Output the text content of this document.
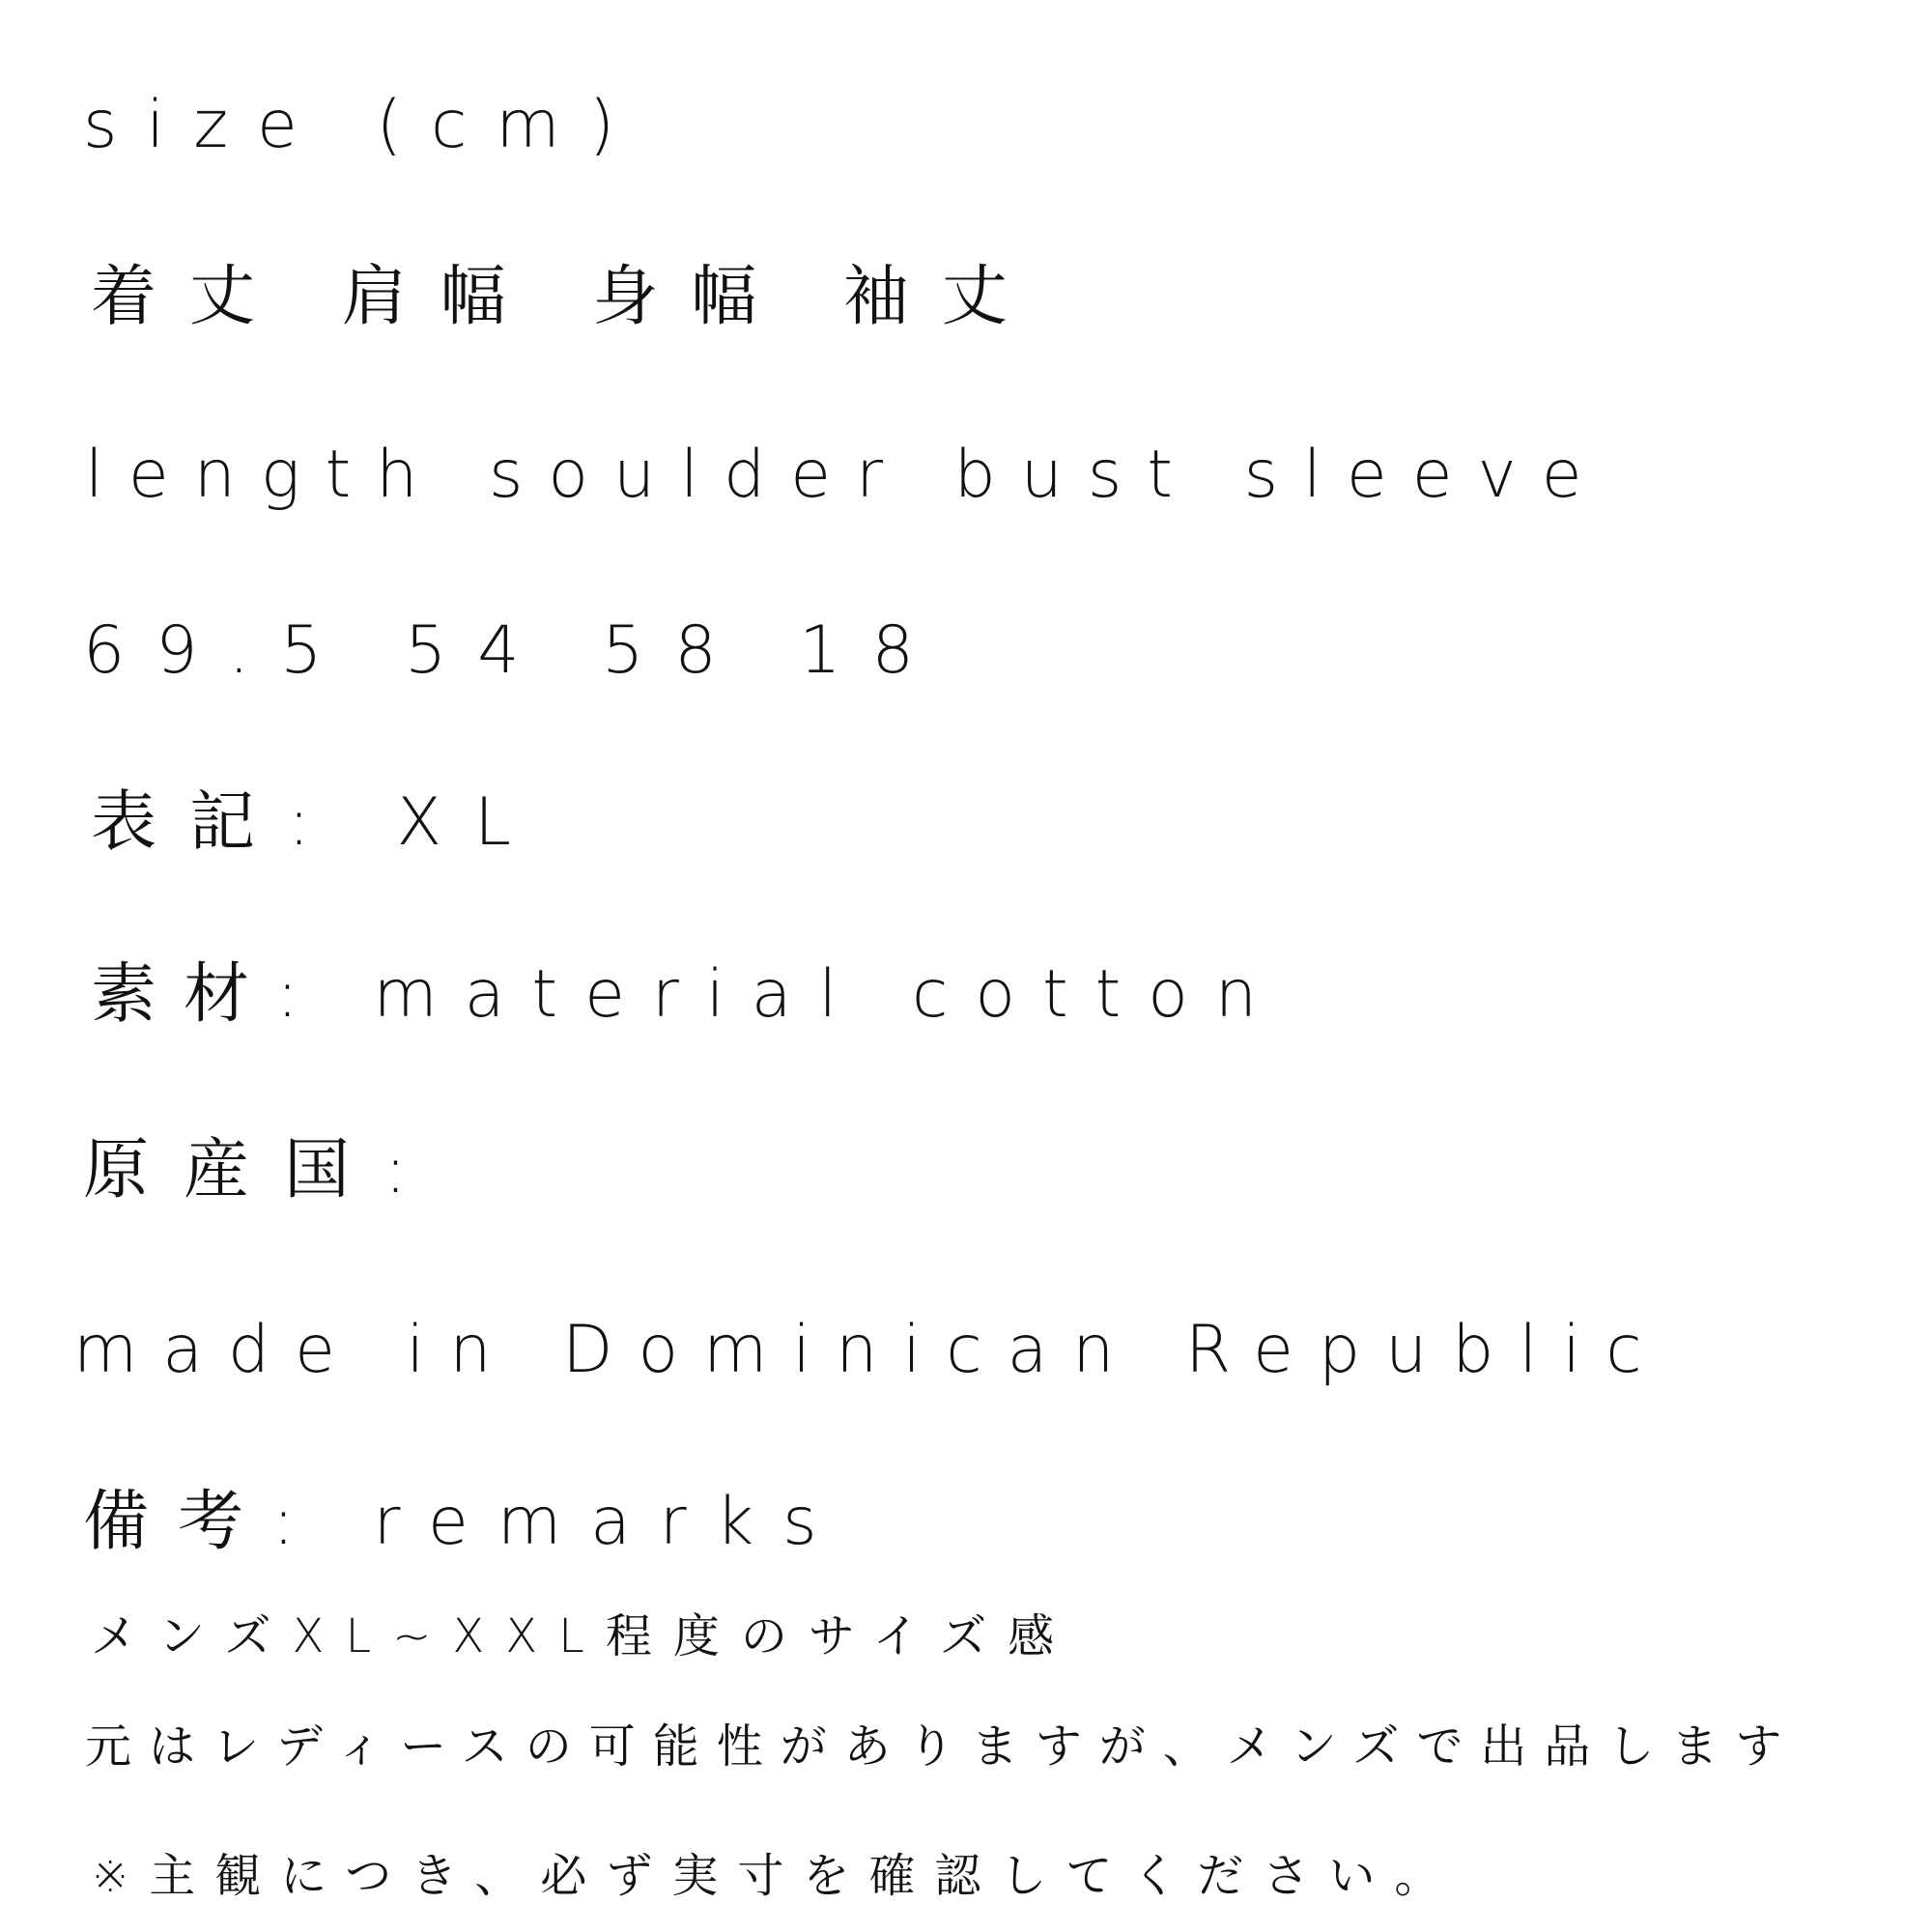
size (cm)
着丈 肩幅 身幅 袖丈
length soulder bust sleeve
69.5 54 58 18
表記: XL
素材: material cotton
原産国:
made in Dominican Republic
備考: remarks
メンズXL~XXL程度のサイズ感
元はレディースの可能性がありますが、メンズで出品します
※主観につき、必ず実寸を確認してください。
